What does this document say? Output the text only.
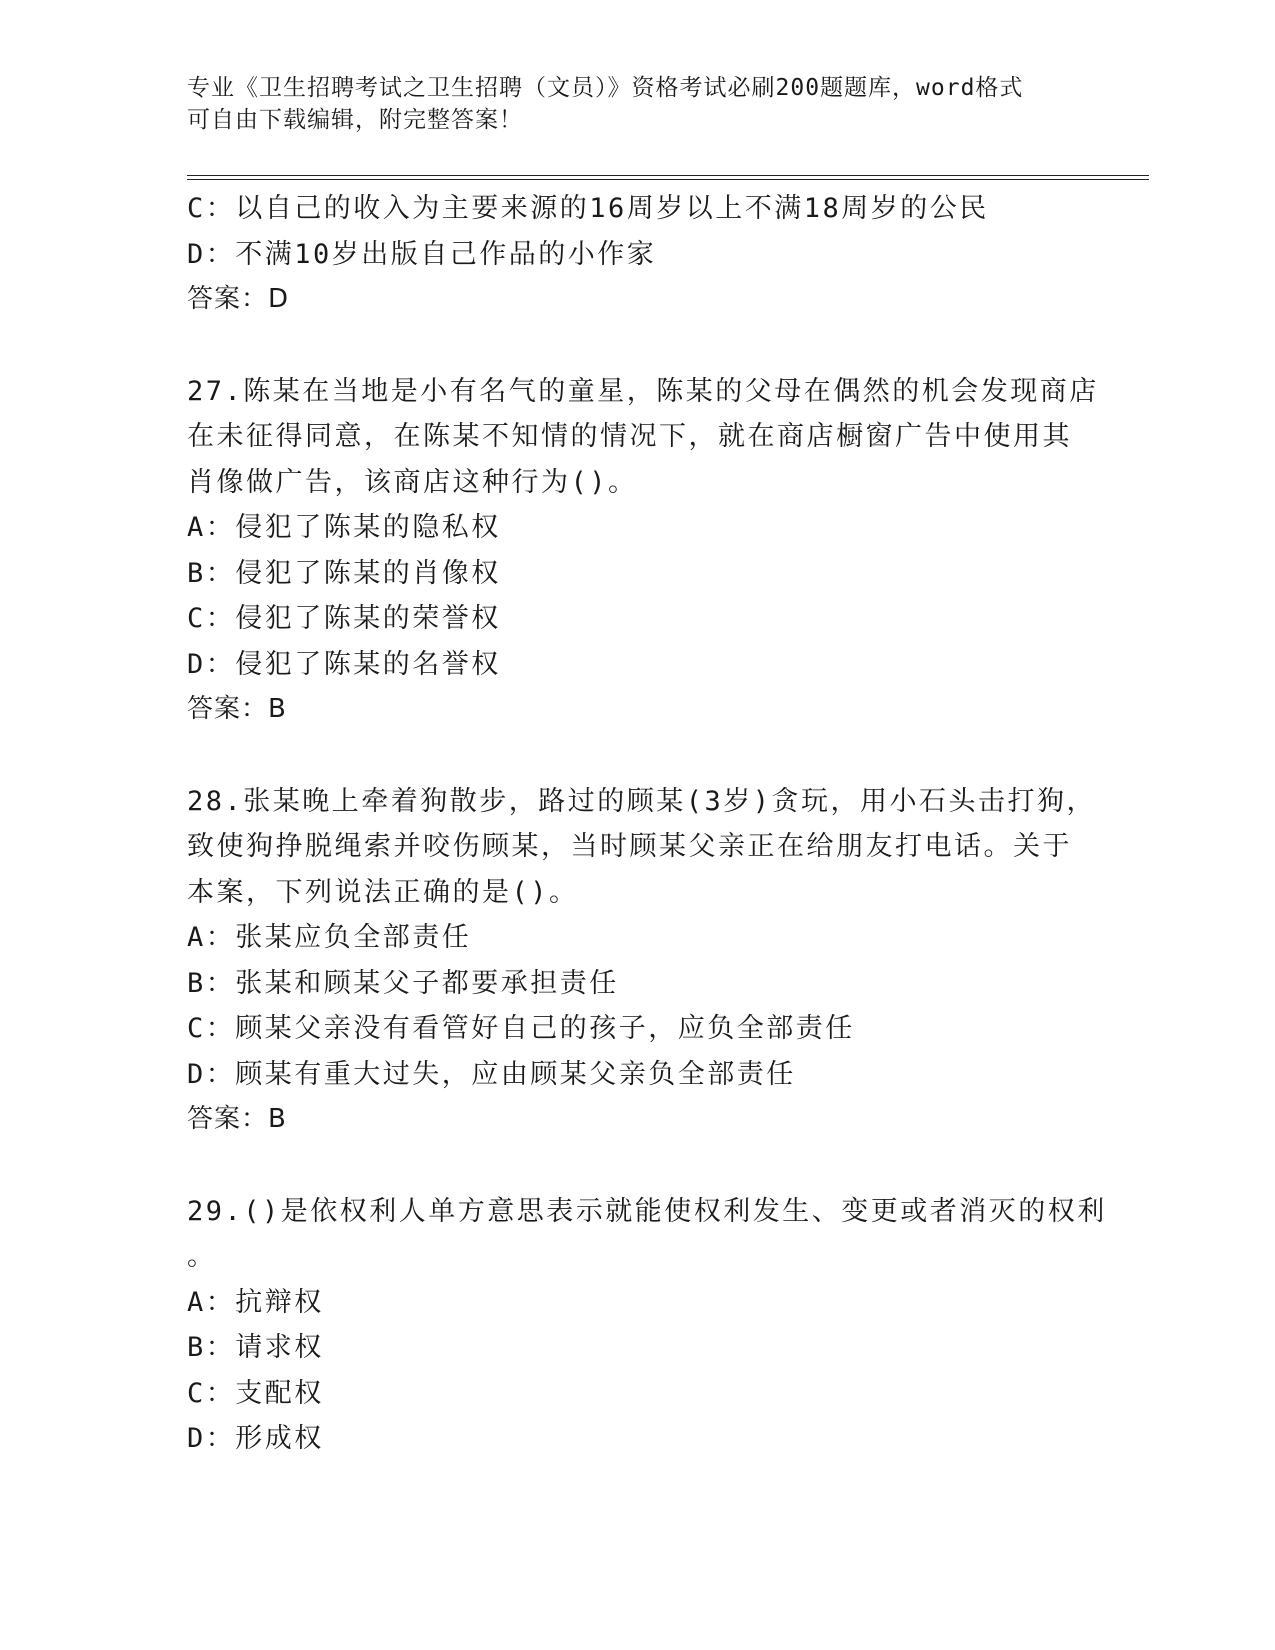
专业《卫生招聘考试之卫生招聘（文员）》资格考试必刷200题题库，word格式
可自由下载编辑，附完整答案！
C：以自己的收入为主要来源的16周岁以上不满18周岁的公民
D：不满10岁出版自己作品的小作家
答案：D
27.陈某在当地是小有名气的童星，陈某的父母在偶然的机会发现商店
在未征得同意，在陈某不知情的情况下，就在商店橱窗广告中使用其
肖像做广告，该商店这种行为()。
A：侵犯了陈某的隐私权
B：侵犯了陈某的肖像权
C：侵犯了陈某的荣誉权
D：侵犯了陈某的名誉权
答案：B
28.张某晚上牵着狗散步，路过的顾某(3岁)贪玩，用小石头击打狗，
致使狗挣脱绳索并咬伤顾某，当时顾某父亲正在给朋友打电话。关于
本案，下列说法正确的是()。
A：张某应负全部责任
B：张某和顾某父子都要承担责任
C：顾某父亲没有看管好自己的孩子，应负全部责任
D：顾某有重大过失，应由顾某父亲负全部责任
答案：B
29.()是依权利人单方意思表示就能使权利发生、变更或者消灭的权利
。
A：抗辩权
B：请求权
C：支配权
D：形成权
